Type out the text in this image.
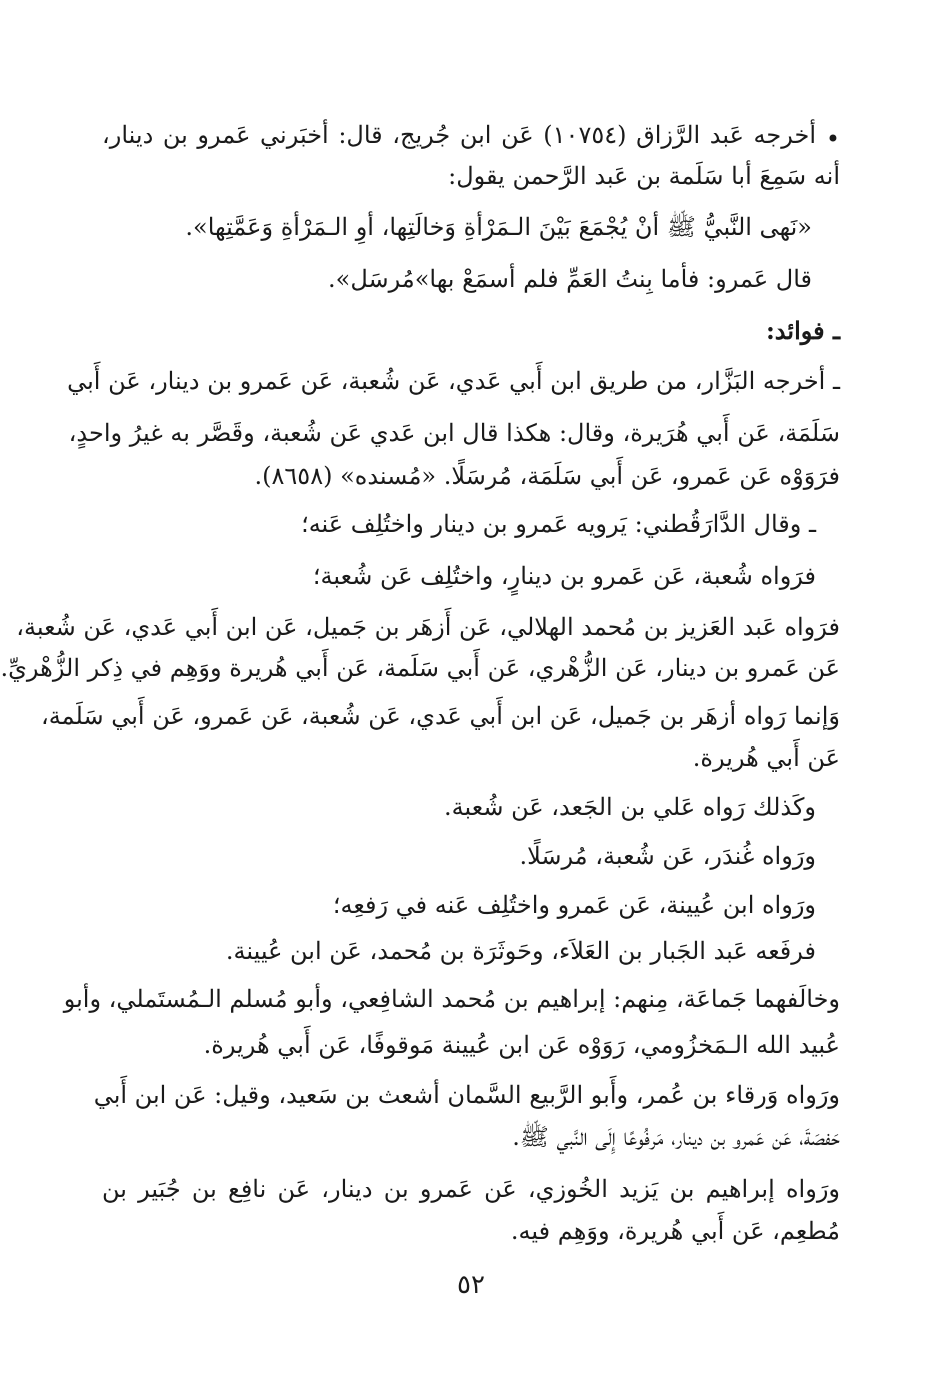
•
أخرجه عَبد الرَّزاق (١٠٧٥٤) عَن ابن جُريج، قال: أخبَرني عَمرو بن دينار،
أنه سَمِعَ أبا سَلَمة بن عَبد الرَّحمن يقول:
«نَهى النَّبيُّ ﷺ أنْ يُجْمَعَ بَيْنَ الـمَرْأةِ وَخالَتِها، أوِ الـمَرْأةِ وَعَمَّتِها».
قال عَمرو: فأما بِنتُ العَمِّ فلم أسمَعْ بها»مُرسَل».
ـ فوائد:
ـ أخرجه البَزَّار، من طريق ابن أَبي عَدي، عَن شُعبة، عَن عَمرو بن دينار، عَن أَبي
سَلَمَة، عَن أَبي هُرَيرة، وقال: هكذا قال ابن عَدي عَن شُعبة، وقَصَّر به غيرُ واحدٍ،
فرَوَوْه عَن عَمرو، عَن أَبي سَلَمَة، مُرسَلًا. «مُسنده» (٨٦٥٨).
ـ وقال الدَّارَقُطني: يَرويه عَمرو بن دينار واختُلِف عَنه؛
فرَواه شُعبة، عَن عَمرو بن دينارٍ، واختُلِف عَن شُعبة؛
فرَواه عَبد العَزيز بن مُحمد الهلالي، عَن أَزهَر بن جَميل، عَن ابن أَبي عَدي، عَن شُعبة،
عَن عَمرو بن دينار، عَن الزُّهْري، عَن أَبي سَلَمة، عَن أَبي هُريرة ووَهِم في ذِكر الزُّهْريِّ.
وَإنما رَواه أزهَر بن جَميل، عَن ابن أَبي عَدي، عَن شُعبة، عَن عَمرو، عَن أَبي سَلَمة،
عَن أَبي هُريرة.
وكَذلك رَواه عَلي بن الجَعد، عَن شُعبة.
ورَواه غُندَر، عَن شُعبة، مُرسَلًا.
ورَواه ابن عُيينة، عَن عَمرو واختُلِف عَنه في رَفعِه؛
فرفَعه عَبد الجَبار بن العَلاَء، وحَوثَرَة بن مُحمد، عَن ابن عُيينة.
وخالَفهما جَماعَة، مِنهم: إبراهيم بن مُحمد الشافِعي، وأبو مُسلم الـمُستَملي، وأبو
عُبيد الله الـمَخزُومي، رَوَوْه عَن ابن عُيينة مَوقوفًا، عَن أَبي هُريرة.
ورَواه وَرقاء بن عُمر، وأَبو الرَّبيع السَّمان أشعث بن سَعيد، وقيل: عَن ابن أَبي
حَفصَةَ، عَن عَمرو بن دينار، مَرفُوعًا إِلَى النَّبي ﷺ.
ورَواه إبراهيم بن يَزيد الخُوزي، عَن عَمرو بن دينار، عَن نافِع بن جُبَير بن
مُطعِم، عَن أَبي هُريرة، ووَهِم فيه.
٥٢
